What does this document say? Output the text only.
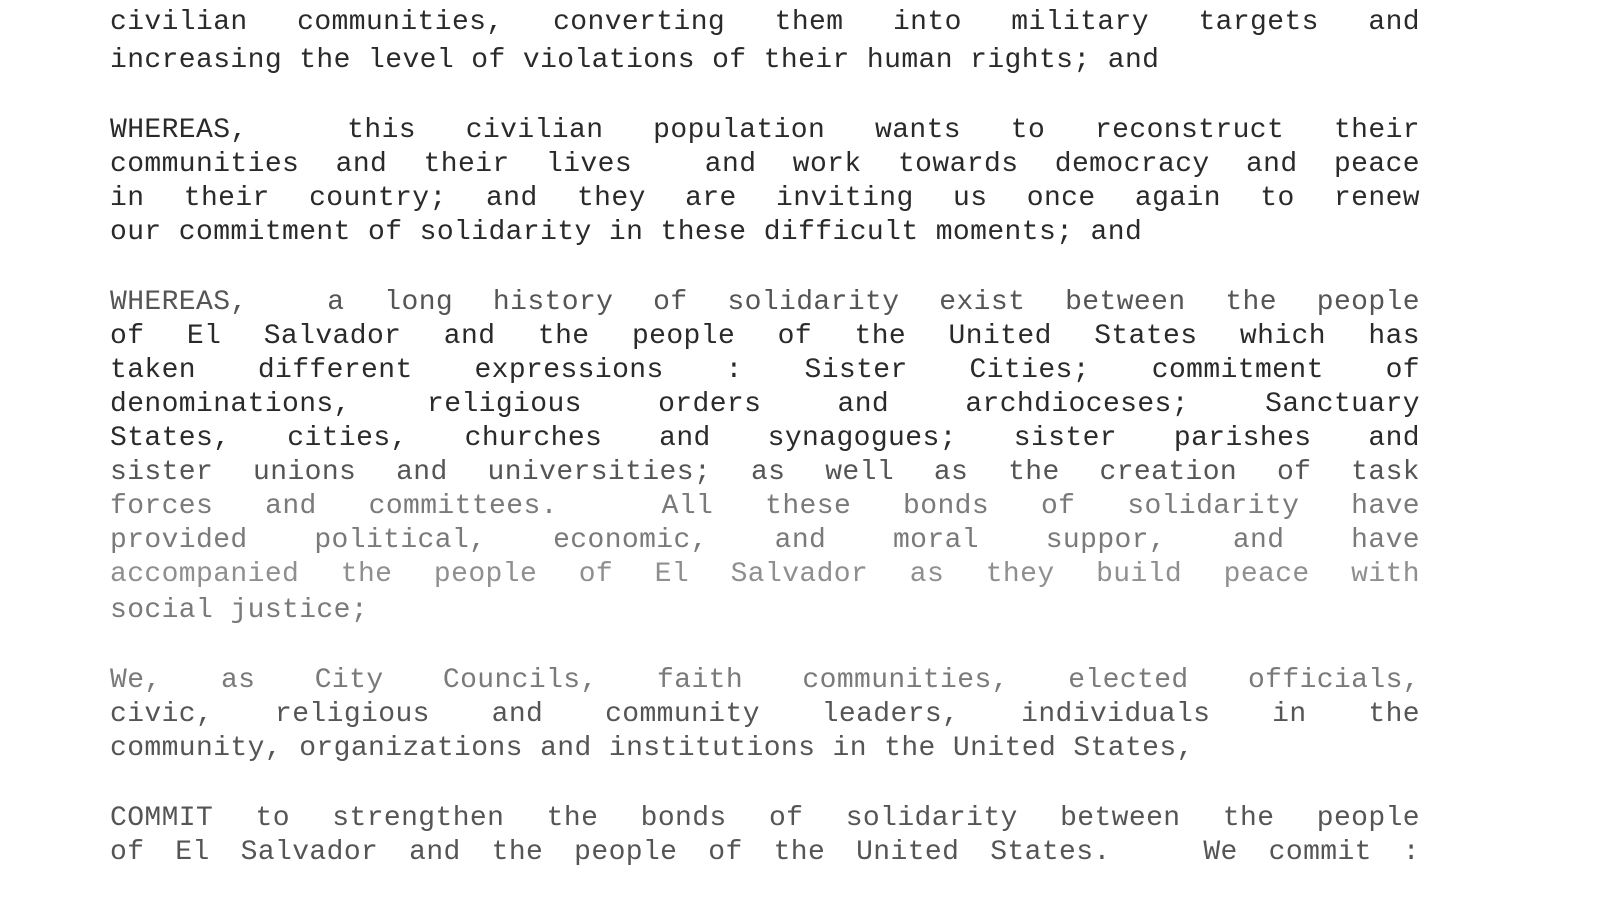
civilian communities, converting them into military targets and
increasing the level of violations of their human rights; and
WHEREAS,  this civilian population wants to reconstruct their
communities and their lives  and work towards democracy and peace
in their country; and they are inviting us once again to renew
our commitment of solidarity in these difficult moments; and
WHEREAS,  a long history of solidarity exist between the people
of El Salvador and the people of the United States which has
taken different expressions : Sister Cities; commitment of
denominations, religious orders and archdioceses; Sanctuary
States, cities, churches and synagogues; sister parishes and
sister unions and universities; as well as the creation of task
forces and committees.  All these bonds of solidarity have
provided political, economic, and moral suppor, and have
accompanied the people of El Salvador as they build peace with
social justice;
We, as City Councils, faith communities, elected officials,
civic, religious and community leaders, individuals in the
community, organizations and institutions in the United States,
COMMIT to strengthen the bonds of solidarity between the people
of El Salvador and the people of the United States.   We commit :
